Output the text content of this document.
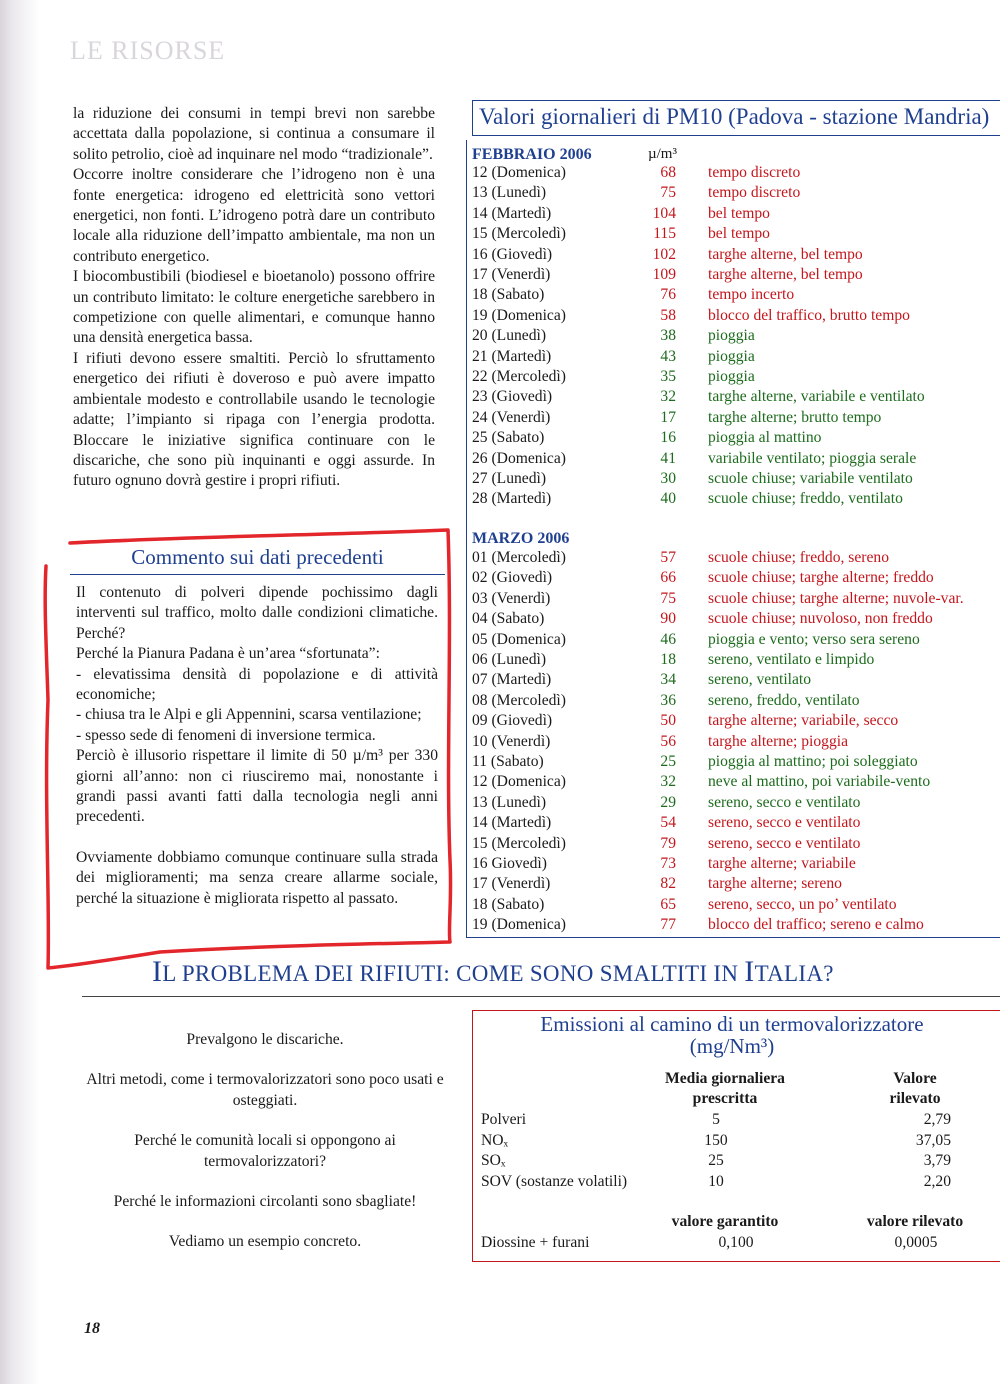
LE RISORSE

la riduzione dei consumi in tempi brevi non sarebbe accettata dalla popolazione, si continua a consumare il solito petrolio, cioè ad inquinare nel modo “tradizionale”.

Occorre inoltre considerare che l’idrogeno non è una fonte energetica: idrogeno ed elettricità sono vettori energetici, non fonti. L’idrogeno potrà dare un contributo locale alla riduzione dell’impatto ambientale, ma non un contributo energetico.

I biocombustibili (biodiesel e bioetanolo) possono offrire un contributo limitato: le colture energetiche sarebbero in competizione con quelle alimentari, e comunque hanno una densità energetica bassa.

I rifiuti devono essere smaltiti. Perciò lo sfruttamento energetico dei rifiuti è doveroso e può avere impatto ambientale modesto e controllabile usando le tecnologie adatte; l’impianto si ripaga con l’energia prodotta. Bloccare le iniziative significa continuare con le discariche, che sono più inquinanti e oggi assurde. In futuro ognuno dovrà gestire i propri rifiuti.

Commento sui dati precedenti

Il contenuto di polveri dipende pochissimo dagli interventi sul traffico, molto dalle condizioni climatiche. Perché?

Perché la Pianura Padana è un’area “sfortunata”:

- elevatissima densità di popolazione e di attività economiche;

- chiusa tra le Alpi e gli Appennini, scarsa ventilazione;

- spesso sede di fenomeni di inversione termica.

Perciò è illusorio rispettare il limite di 50 µ/m³ per 330 giorni all’anno: non ci riusciremo mai, nonostante i grandi passi avanti fatti dalla tecnologia negli anni precedenti.

Ovviamente dobbiamo comunque continuare sulla strada dei miglioramenti; ma senza creare allarme sociale, perché la situazione è migliorata rispetto al passato.

Valori giornalieri di PM10 (Padova - stazione Mandria)
FEBBRAIO 2006	µ/m³
12 (Domenica)	68 tempo discreto
13 (Lunedì)	75 tempo discreto
14 (Martedì)	104 bel tempo
15 (Mercoledì)	115 bel tempo
16 (Giovedì)	102 targhe alterne, bel tempo
17 (Venerdì)	109 targhe alterne, bel tempo
18 (Sabato)	76 tempo incerto
19 (Domenica)	58 blocco del traffico, brutto tempo
20 (Lunedì)	38 pioggia
21 (Martedì)	43 pioggia
22 (Mercoledì)	35 pioggia
23 (Giovedì)	32 targhe alterne, variabile e ventilato
24 (Venerdì)	17 targhe alterne; brutto tempo
25 (Sabato)	16 pioggia al mattino
26 (Domenica)	41 variabile ventilato; pioggia serale
27 (Lunedì)	30 scuole chiuse; variabile ventilato
28 (Martedì)	40 scuole chiuse; freddo, ventilato
MARZO 2006
01 (Mercoledì)	57 scuole chiuse; freddo, sereno
02 (Giovedì)	66 scuole chiuse; targhe alterne; freddo
03 (Venerdì)	75 scuole chiuse; targhe alterne; nuvole-var.
04 (Sabato)	90 scuole chiuse; nuvoloso, non freddo
05 (Domenica)	46 pioggia e vento; verso sera sereno
06 (Lunedì)	18 sereno, ventilato e limpido
07 (Martedì)	34 sereno, ventilato
08 (Mercoledì)	36 sereno, freddo, ventilato
09 (Giovedì)	50 targhe alterne; variabile, secco
10 (Venerdì)	56 targhe alterne; pioggia
11 (Sabato)	25 pioggia al mattino; poi soleggiato
12 (Domenica)	32 neve al mattino, poi variabile-vento
13 (Lunedì)	29 sereno, secco e ventilato
14 (Martedì)	54 sereno, secco e ventilato
15 (Mercoledì)	79 sereno, secco e ventilato
16 Giovedì)	73 targhe alterne; variabile
17 (Venerdì)	82 targhe alterne; sereno
18 (Sabato)	65 sereno, secco, un po’ ventilato
19 (Domenica)	77 blocco del traffico; sereno e calmo
IL PROBLEMA DEI RIFIUTI: COME SONO SMALTITI IN ITALIA?

Prevalgono le discariche.

Altri metodi, come i termovalorizzatori sono poco usati e osteggiati.

Perché le comunità locali si oppongono ai termovalorizzatori?

Perché le informazioni circolanti sono sbagliate!

Vediamo un esempio concreto.

Emissioni al camino di un termovalorizzatore
(mg/Nm³)
Media giornaliera
prescritta
Valore
rilevato
Polveri	5	2,79
NOₓ	150	37,05
SOₓ	25	3,79
SOV (sostanze volatili)	10	2,20
valore garantito	valore rilevato
Diossine + furani	0,100	0,0005
18
